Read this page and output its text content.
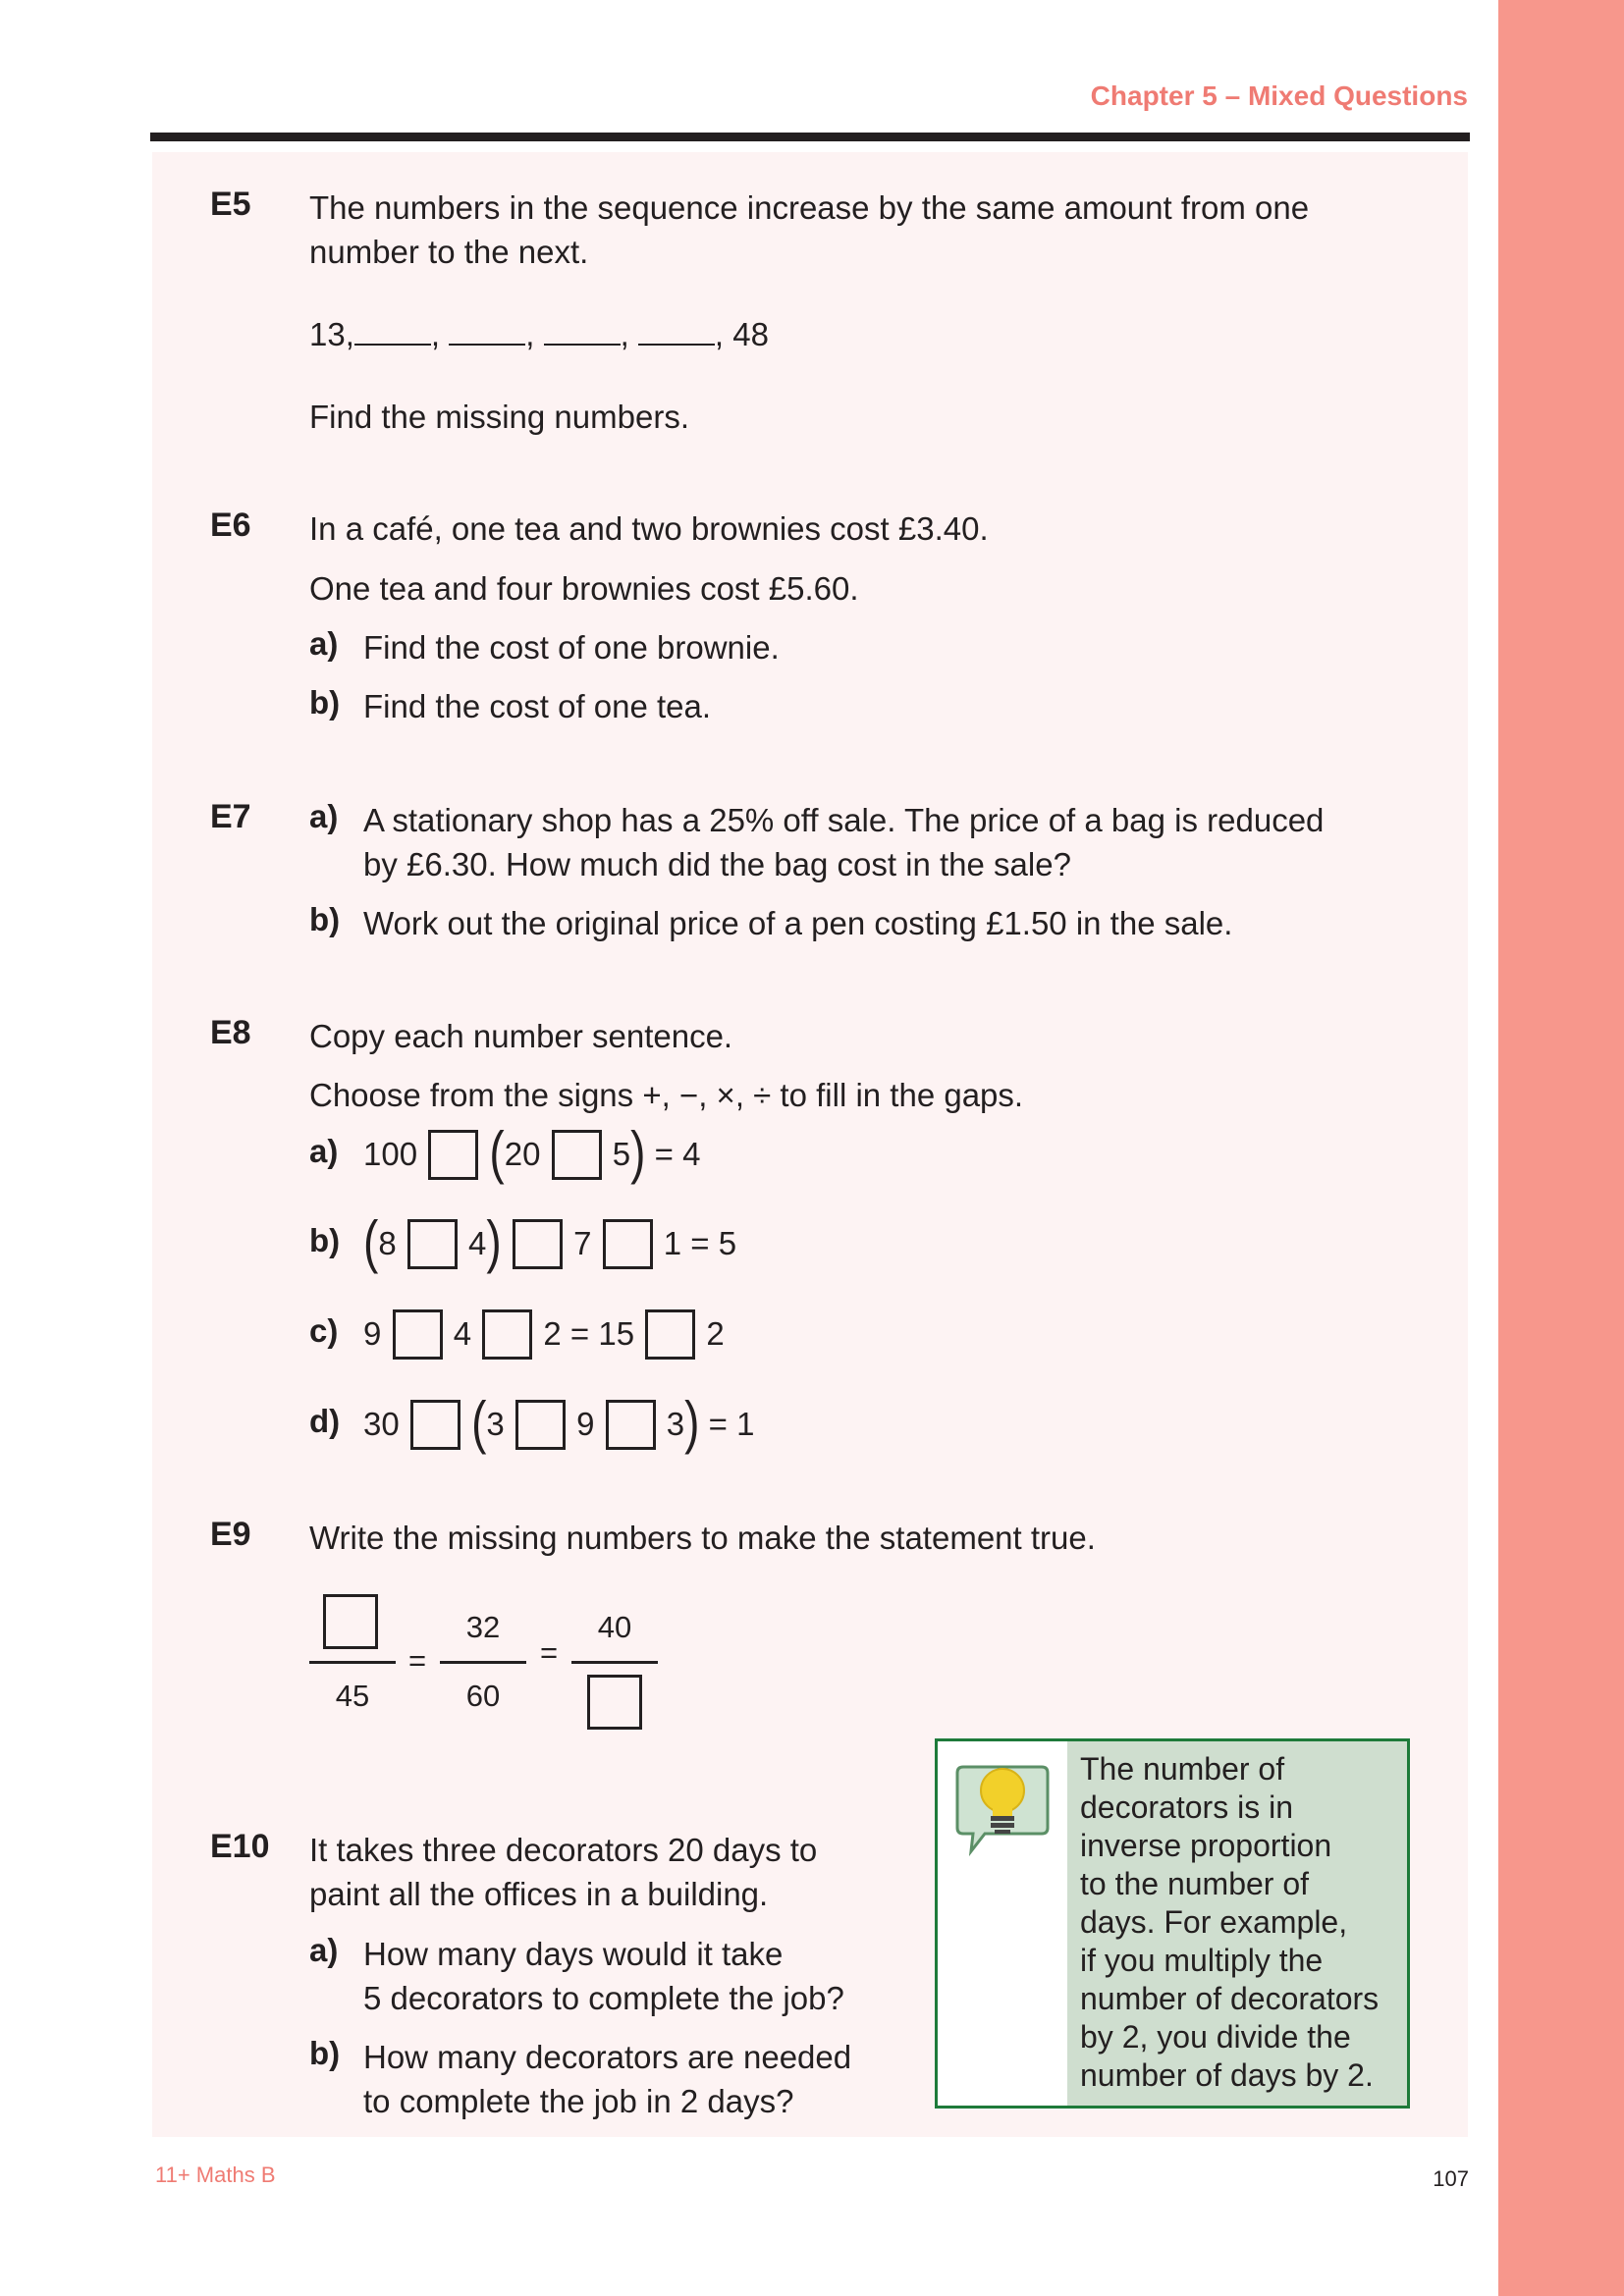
Chapter 5 – Mixed Questions
E5 The numbers in the sequence increase by the same amount from one
number to the next.
13, ,	,	,	, 48
Find the missing numbers.
E6 In a café, one tea and two brownies cost £3.40.
One tea and four brownies cost £5.60.
a) Find the cost of one brownie.
b) Find the cost of one tea.
E7 a) A stationary shop has a 25% off sale. The price of a bag is reduced
by £6.30. How much did the bag cost in the sale?
b) Work out the original price of a pen costing £1.50 in the sale.
E8 Copy each number sentence.
Choose from the signs +, −, ×, ÷ to fill in the gaps.
a) 100

( 20

5 )
= 4
b) ( 8

4 )

7

1 = 5
c) 9

4

2 = 15

2
d) 30

( 3

9

3 )
= 1
E9 Write the missing numbers to make the statement true.
45
=
32
60
=
40
E10 It takes three decorators 20 days to
paint all the offices in a building.
a) How many days would it take
5 decorators to complete the job?
b) How many decorators are needed
to complete the job in 2 days?
The number of
decorators is in
inverse proportion
to the number of
days. For example,
if you multiply the
number of decorators
by 2, you divide the
number of days by 2.
11+ Maths B	107
